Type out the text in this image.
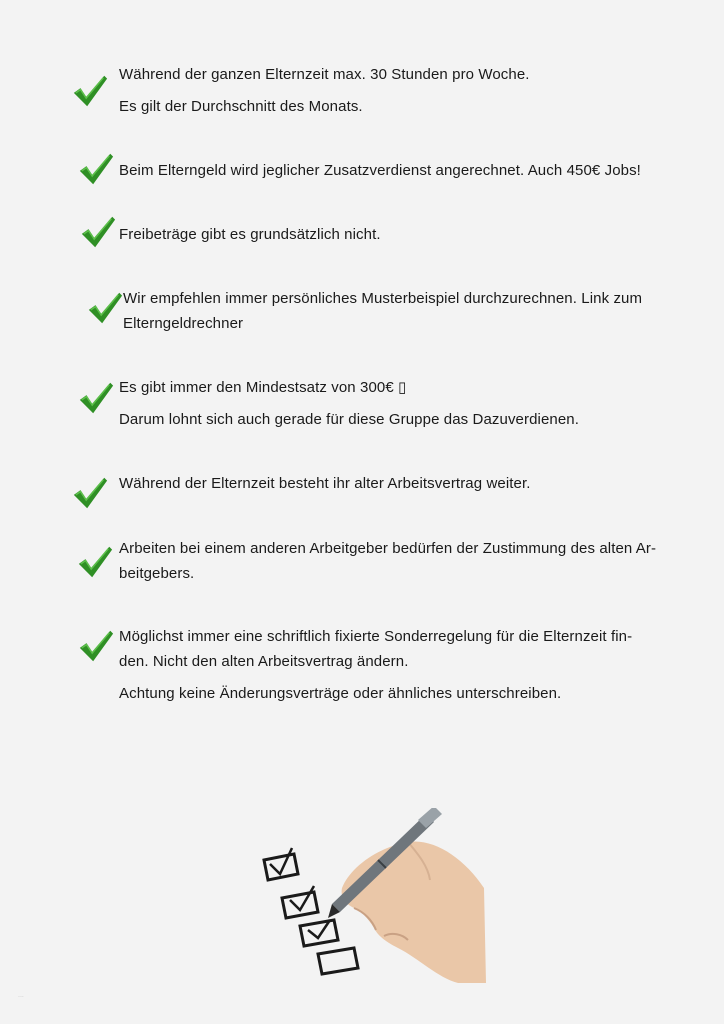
Während der ganzen Elternzeit max. 30 Stunden pro Woche.
Es gilt der Durchschnitt des Monats.
Beim Elterngeld wird jeglicher Zusatzverdienst angerechnet. Auch 450€ Jobs!
Freibeträge gibt es grundsätzlich nicht.
Wir empfehlen immer persönliches Musterbeispiel durchzurechnen. Link zum
Elterngeldrechner
Es gibt immer den Mindestsatz von 300€ ▯
Darum lohnt sich auch gerade für diese Gruppe das Dazuverdienen.
Während der Elternzeit besteht ihr alter Arbeitsvertrag weiter.
Arbeiten bei einem anderen Arbeitgeber bedürfen der Zustimmung des alten Ar-
beitgebers.
Möglichst immer eine schriftlich fixierte Sonderregelung für die Elternzeit fin-
den. Nicht den alten Arbeitsvertrag ändern.
Achtung keine Änderungsverträge oder ähnliches unterschreiben.
...
